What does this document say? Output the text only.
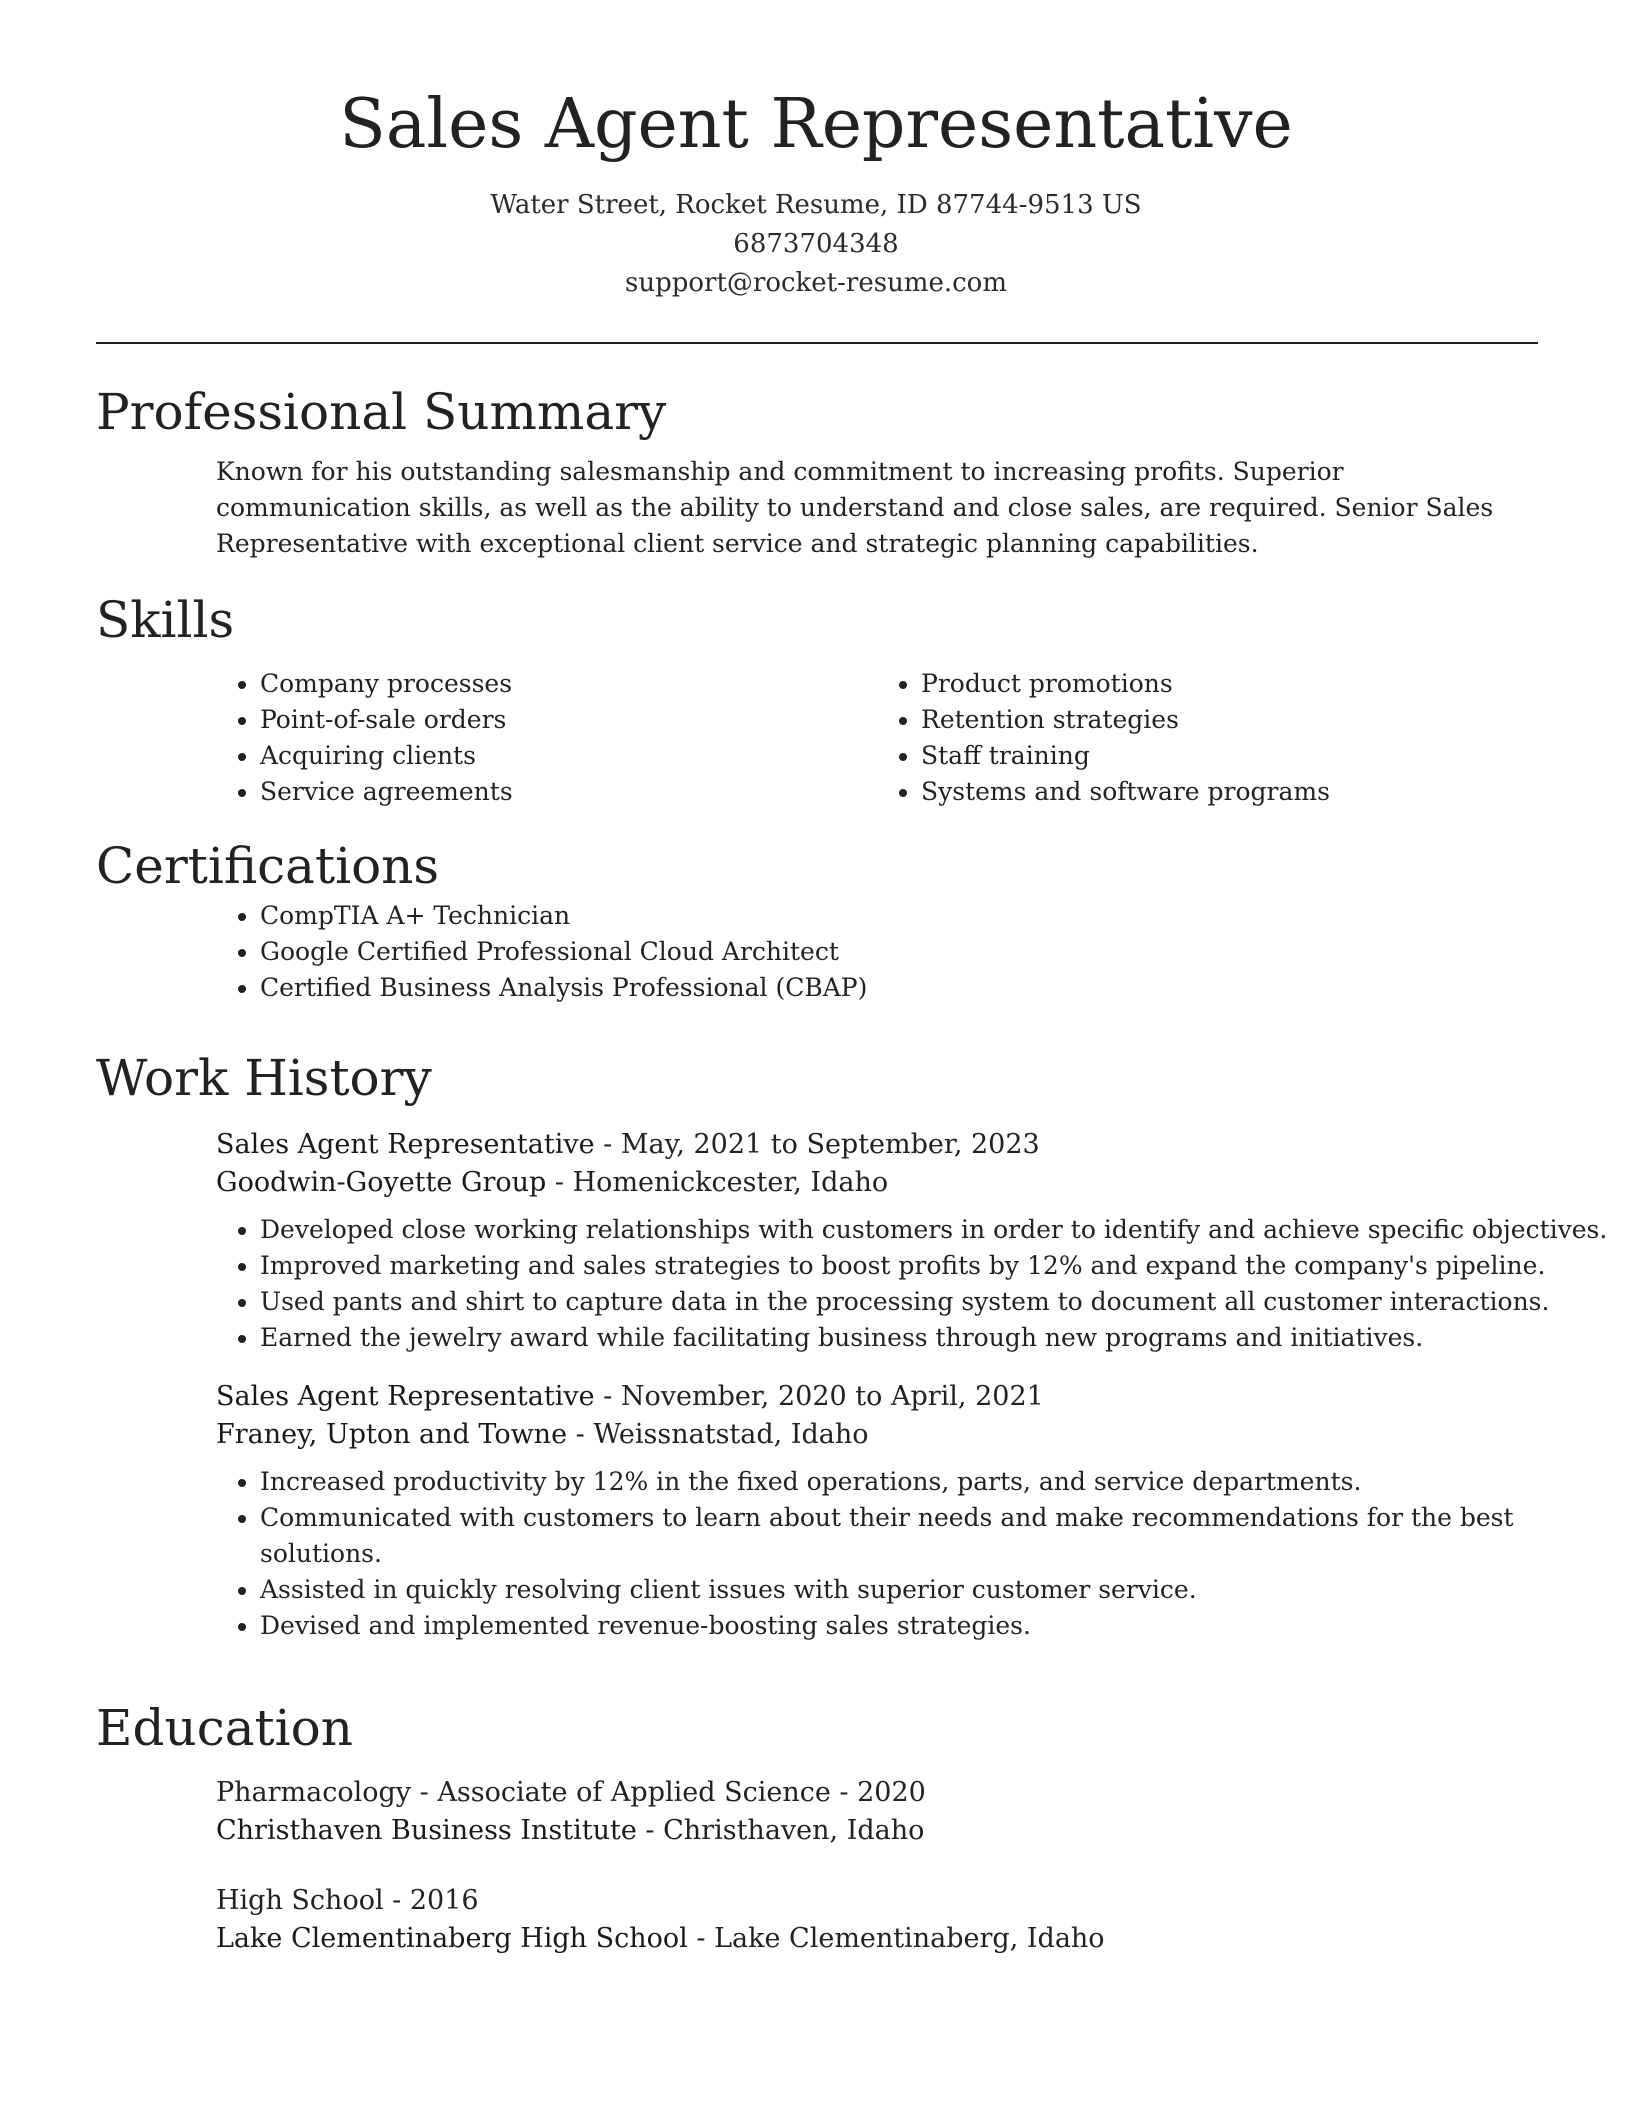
Sales Agent Representative
Water Street, Rocket Resume, ID 87744-9513 US
6873704348
support@rocket-resume.com
Professional Summary

Known for his outstanding salesmanship and commitment to increasing profits. Superior communication skills, as well as the ability to understand and close sales, are required. Senior Sales Representative with exceptional client service and strategic planning capabilities.

Skills
• Company processes
• Point-of-sale orders
• Acquiring clients
• Service agreements
• Product promotions
• Retention strategies
• Staff training
• Systems and software programs
Certifications
• CompTIA A+ Technician
• Google Certified Professional Cloud Architect
• Certified Business Analysis Professional (CBAP)
Work History
Sales Agent Representative - May, 2021 to September, 2023
Goodwin-Goyette Group - Homenickcester, Idaho
• Developed close working relationships with customers in order to identify and achieve specific objectives.
• Improved marketing and sales strategies to boost profits by 12% and expand the company's pipeline.
• Used pants and shirt to capture data in the processing system to document all customer interactions.
• Earned the jewelry award while facilitating business through new programs and initiatives.
Sales Agent Representative - November, 2020 to April, 2021
Franey, Upton and Towne - Weissnatstad, Idaho
• Increased productivity by 12% in the fixed operations, parts, and service departments.
• Communicated with customers to learn about their needs and make recommendations for the best solutions.
• Assisted in quickly resolving client issues with superior customer service.
• Devised and implemented revenue-boosting sales strategies.
Education
Pharmacology - Associate of Applied Science - 2020
Christhaven Business Institute - Christhaven, Idaho
High School - 2016
Lake Clementinaberg High School - Lake Clementinaberg, Idaho
